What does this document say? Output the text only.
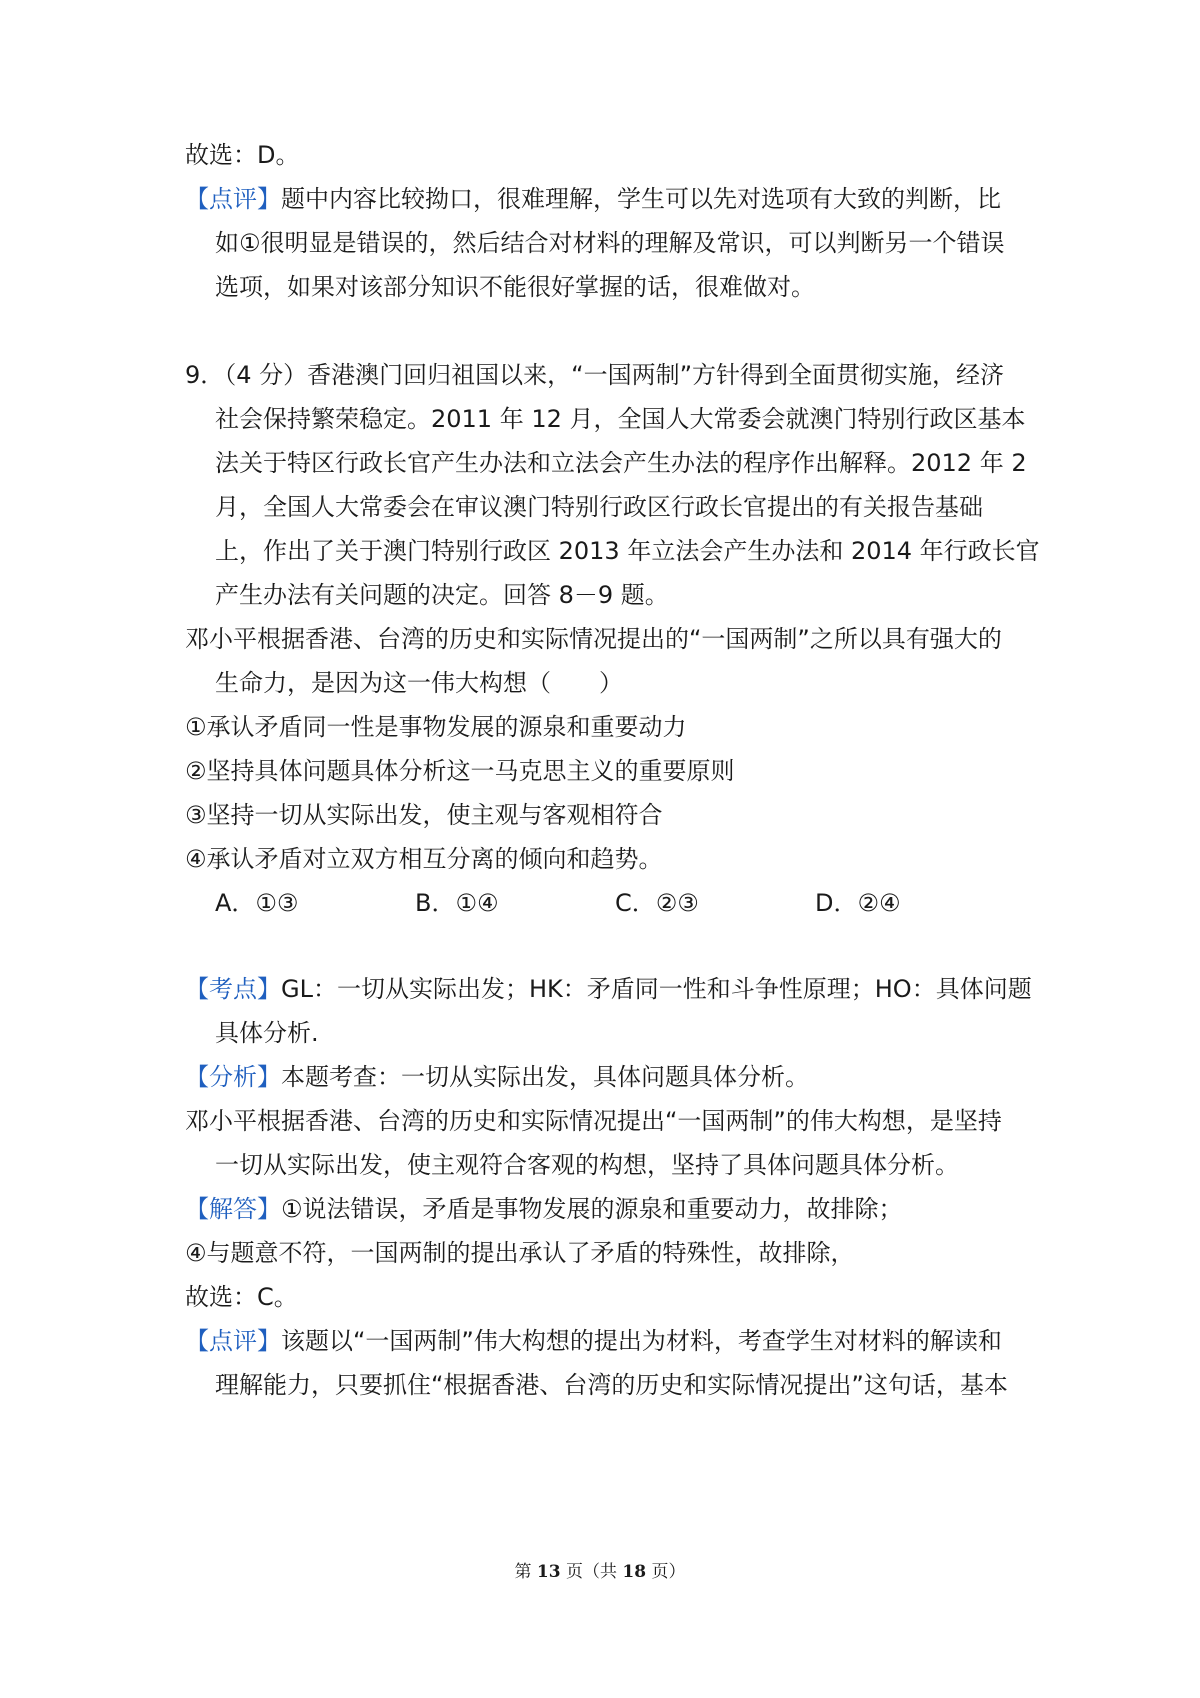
故选：D。
【点评】题中内容比较拗口，很难理解，学生可以先对选项有大致的判断，比
如①很明显是错误的，然后结合对材料的理解及常识，可以判断另一个错误
选项，如果对该部分知识不能很好掌握的话，很难做对。
9．（4 分）香港澳门回归祖国以来，“一国两制”方针得到全面贯彻实施，经济
社会保持繁荣稳定。2011 年 12 月，全国人大常委会就澳门特别行政区基本
法关于特区行政长官产生办法和立法会产生办法的程序作出解释。2012 年 2
月，全国人大常委会在审议澳门特别行政区行政长官提出的有关报告基础
上，作出了关于澳门特别行政区 2013 年立法会产生办法和 2014 年行政长官
产生办法有关问题的决定。回答 8－9 题。
邓小平根据香港、台湾的历史和实际情况提出的“一国两制”之所以具有强大的
生命力，是因为这一伟大构想（　　）
①承认矛盾同一性是事物发展的源泉和重要动力
②坚持具体问题具体分析这一马克思主义的重要原则
③坚持一切从实际出发，使主观与客观相符合
④承认矛盾对立双方相互分离的倾向和趋势。
A．①③	B．①④	C．②③	D．②④
【考点】GL：一切从实际出发；HK：矛盾同一性和斗争性原理；HO：具体问题
具体分析.
【分析】本题考查：一切从实际出发，具体问题具体分析。
邓小平根据香港、台湾的历史和实际情况提出“一国两制”的伟大构想，是坚持
一切从实际出发，使主观符合客观的构想，坚持了具体问题具体分析。
【解答】①说法错误，矛盾是事物发展的源泉和重要动力，故排除；
④与题意不符，一国两制的提出承认了矛盾的特殊性，故排除，
故选：C。
【点评】该题以“一国两制”伟大构想的提出为材料，考查学生对材料的解读和
理解能力，只要抓住“根据香港、台湾的历史和实际情况提出”这句话，基本
第 13 页（共 18 页）
